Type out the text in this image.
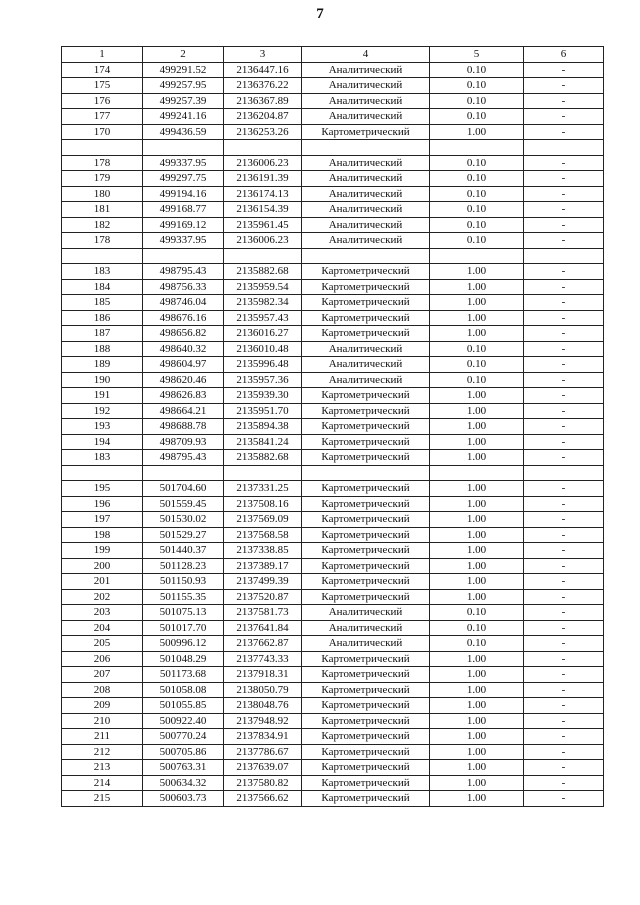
7
1	2	3	4	5	6
174	499291.52	2136447.16	Аналитический	0.10	-
175	499257.95	2136376.22	Аналитический	0.10	-
176	499257.39	2136367.89	Аналитический	0.10	-
177	499241.16	2136204.87	Аналитический	0.10	-
170	499436.59	2136253.26	Картометрический	1.00	-

178	499337.95	2136006.23	Аналитический	0.10	-
179	499297.75	2136191.39	Аналитический	0.10	-
180	499194.16	2136174.13	Аналитический	0.10	-
181	499168.77	2136154.39	Аналитический	0.10	-
182	499169.12	2135961.45	Аналитический	0.10	-
178	499337.95	2136006.23	Аналитический	0.10	-

183	498795.43	2135882.68	Картометрический	1.00	-
184	498756.33	2135959.54	Картометрический	1.00	-
185	498746.04	2135982.34	Картометрический	1.00	-
186	498676.16	2135957.43	Картометрический	1.00	-
187	498656.82	2136016.27	Картометрический	1.00	-
188	498640.32	2136010.48	Аналитический	0.10	-
189	498604.97	2135996.48	Аналитический	0.10	-
190	498620.46	2135957.36	Аналитический	0.10	-
191	498626.83	2135939.30	Картометрический	1.00	-
192	498664.21	2135951.70	Картометрический	1.00	-
193	498688.78	2135894.38	Картометрический	1.00	-
194	498709.93	2135841.24	Картометрический	1.00	-
183	498795.43	2135882.68	Картометрический	1.00	-

195	501704.60	2137331.25	Картометрический	1.00	-
196	501559.45	2137508.16	Картометрический	1.00	-
197	501530.02	2137569.09	Картометрический	1.00	-
198	501529.27	2137568.58	Картометрический	1.00	-
199	501440.37	2137338.85	Картометрический	1.00	-
200	501128.23	2137389.17	Картометрический	1.00	-
201	501150.93	2137499.39	Картометрический	1.00	-
202	501155.35	2137520.87	Картометрический	1.00	-
203	501075.13	2137581.73	Аналитический	0.10	-
204	501017.70	2137641.84	Аналитический	0.10	-
205	500996.12	2137662.87	Аналитический	0.10	-
206	501048.29	2137743.33	Картометрический	1.00	-
207	501173.68	2137918.31	Картометрический	1.00	-
208	501058.08	2138050.79	Картометрический	1.00	-
209	501055.85	2138048.76	Картометрический	1.00	-
210	500922.40	2137948.92	Картометрический	1.00	-
211	500770.24	2137834.91	Картометрический	1.00	-
212	500705.86	2137786.67	Картометрический	1.00	-
213	500763.31	2137639.07	Картометрический	1.00	-
214	500634.32	2137580.82	Картометрический	1.00	-
215	500603.73	2137566.62	Картометрический	1.00	-
